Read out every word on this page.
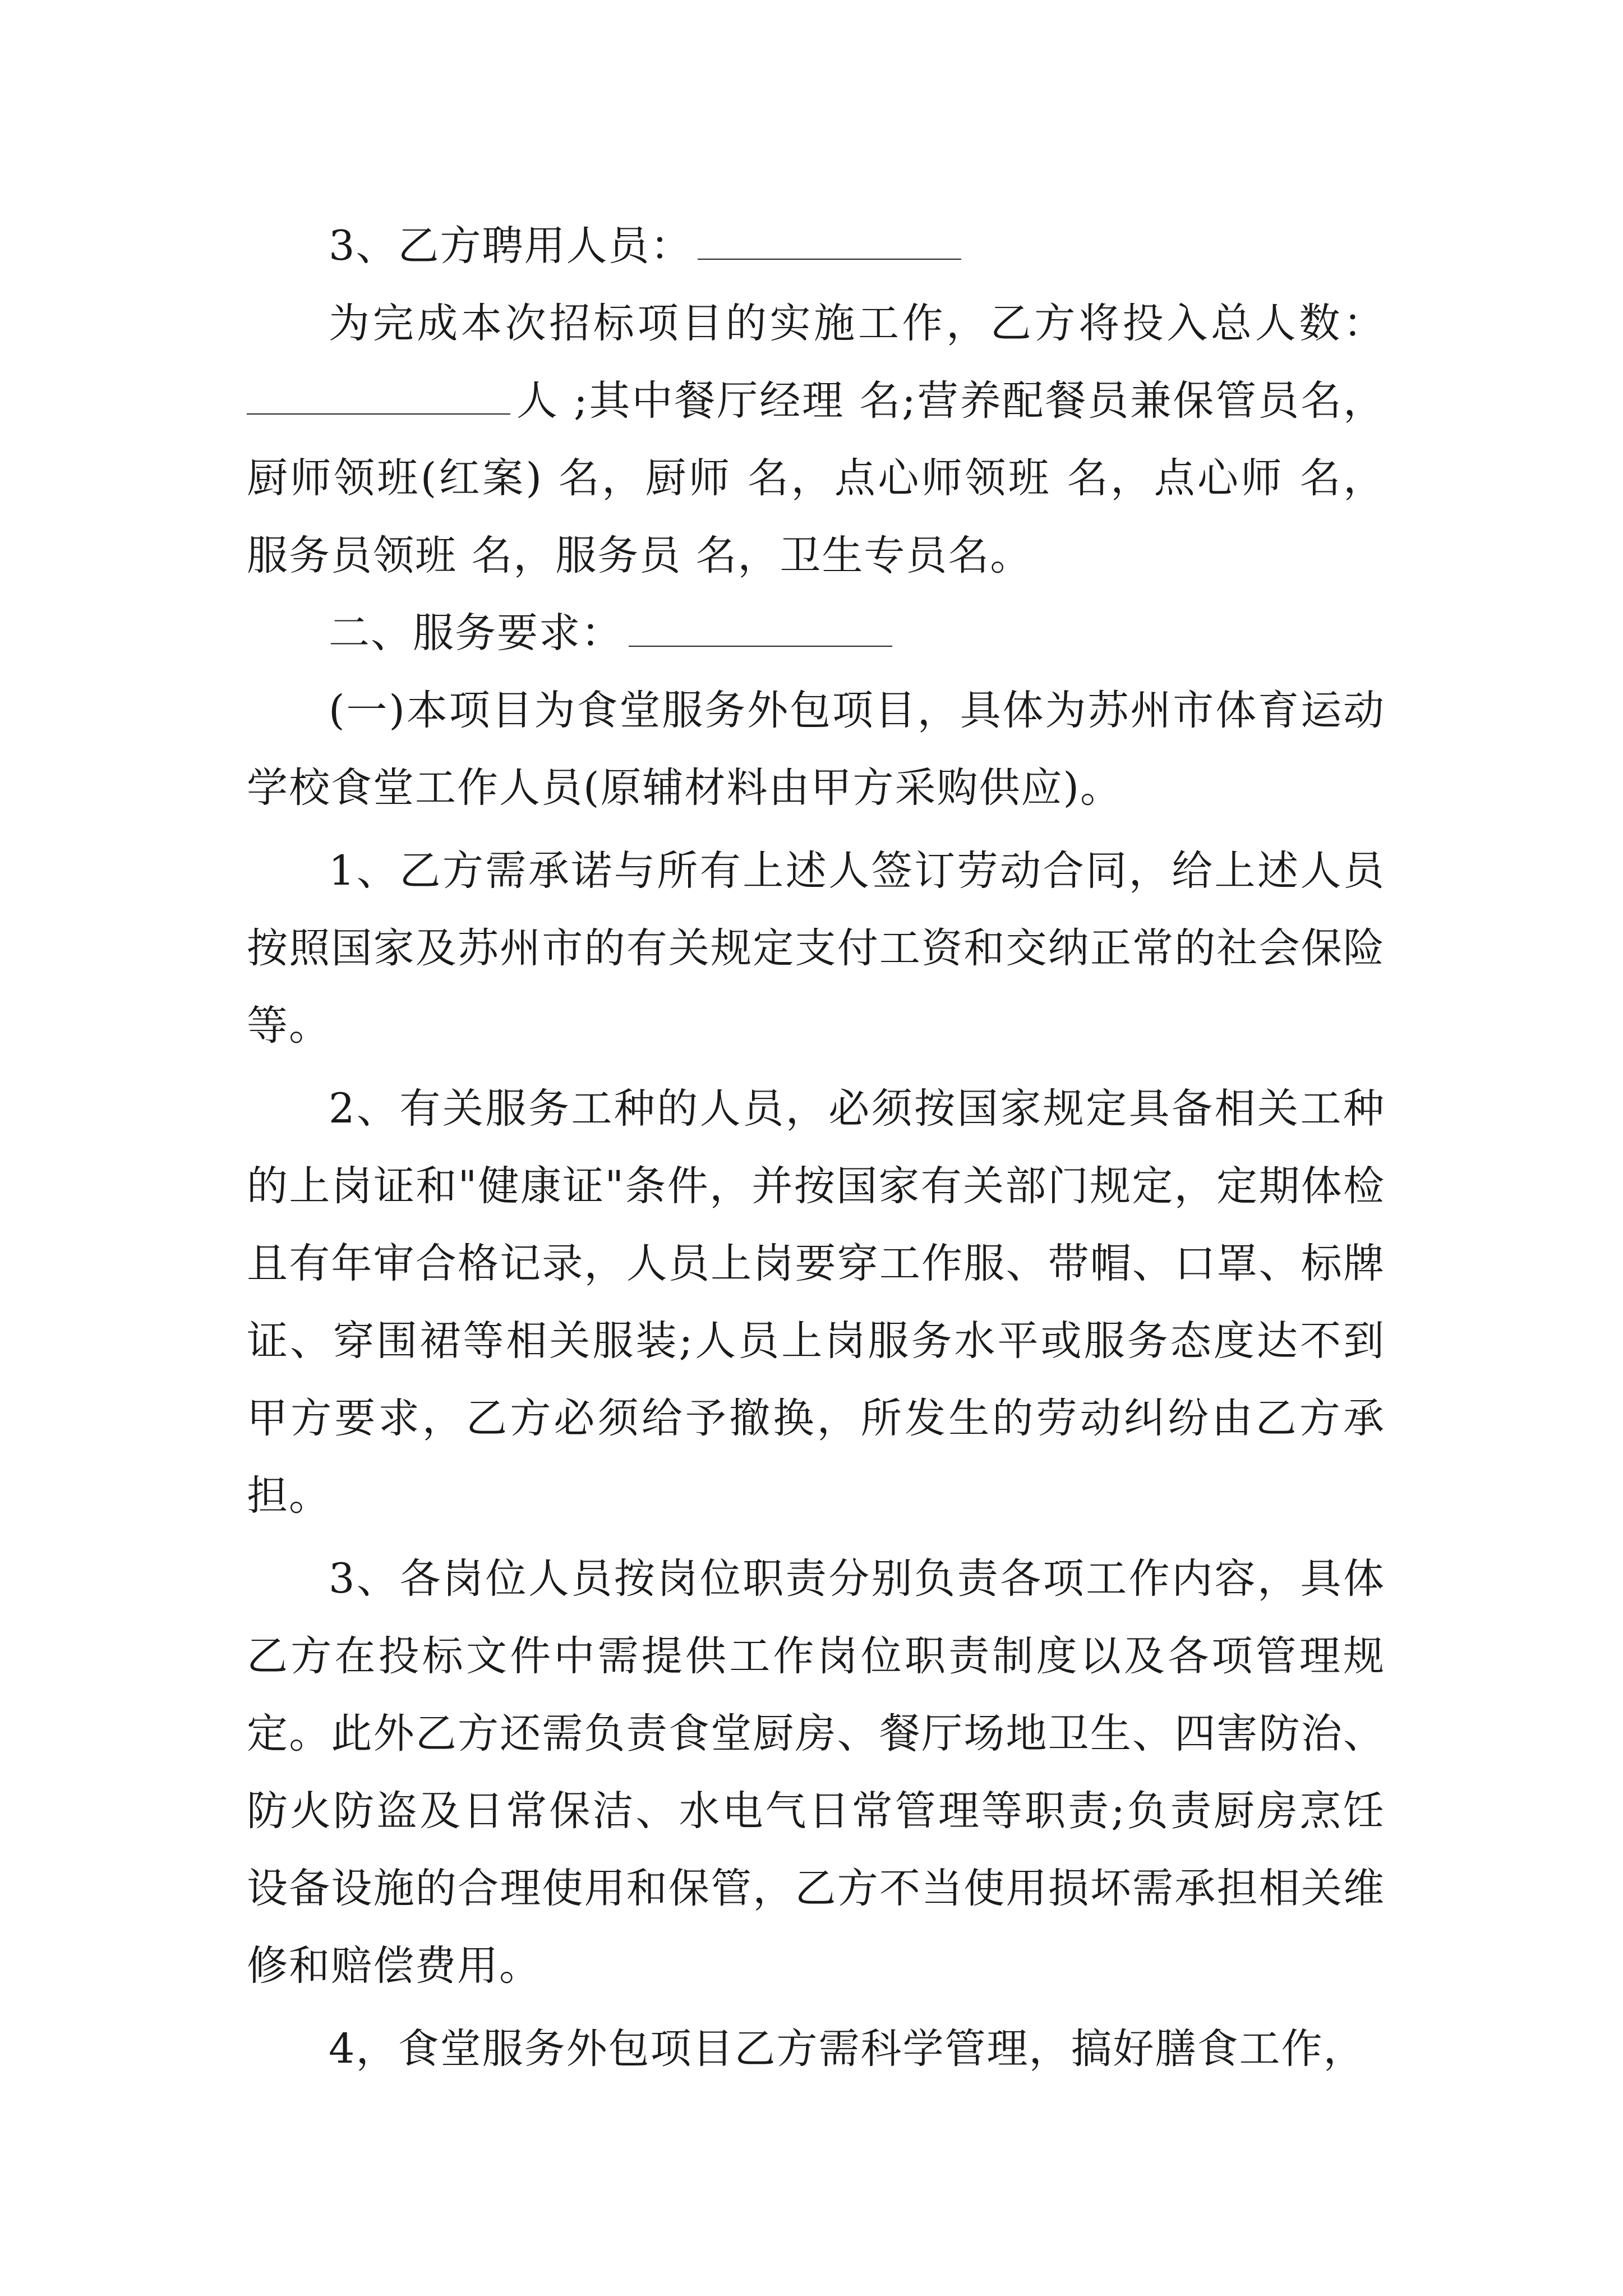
3、乙方聘用人员：

为完成本次招标项目的实施工作，乙方将投入总人数：人 ;其中餐厅经理 名;营养配餐员兼保管员名，厨师领班(红案) 名，厨师 名，点心师领班 名，点心师 名，服务员领班 名，服务员 名，卫生专员名。

二、服务要求：

(一)本项目为食堂服务外包项目，具体为苏州市体育运动学校食堂工作人员(原辅材料由甲方采购供应)。

1、乙方需承诺与所有上述人签订劳动合同，给上述人员按照国家及苏州市的有关规定支付工资和交纳正常的社会保险等。

2、有关服务工种的人员，必须按国家规定具备相关工种的上岗证和"健康证"条件，并按国家有关部门规定，定期体检且有年审合格记录，人员上岗要穿工作服、带帽、口罩、标牌证、穿围裙等相关服装;人员上岗服务水平或服务态度达不到甲方要求，乙方必须给予撤换，所发生的劳动纠纷由乙方承担。

3、各岗位人员按岗位职责分别负责各项工作内容，具体乙方在投标文件中需提供工作岗位职责制度以及各项管理规定。此外乙方还需负责食堂厨房、餐厅场地卫生、四害防治、防火防盗及日常保洁、水电气日常管理等职责;负责厨房烹饪设备设施的合理使用和保管，乙方不当使用损坏需承担相关维修和赔偿费用。

4，食堂服务外包项目乙方需科学管理，搞好膳食工作，
